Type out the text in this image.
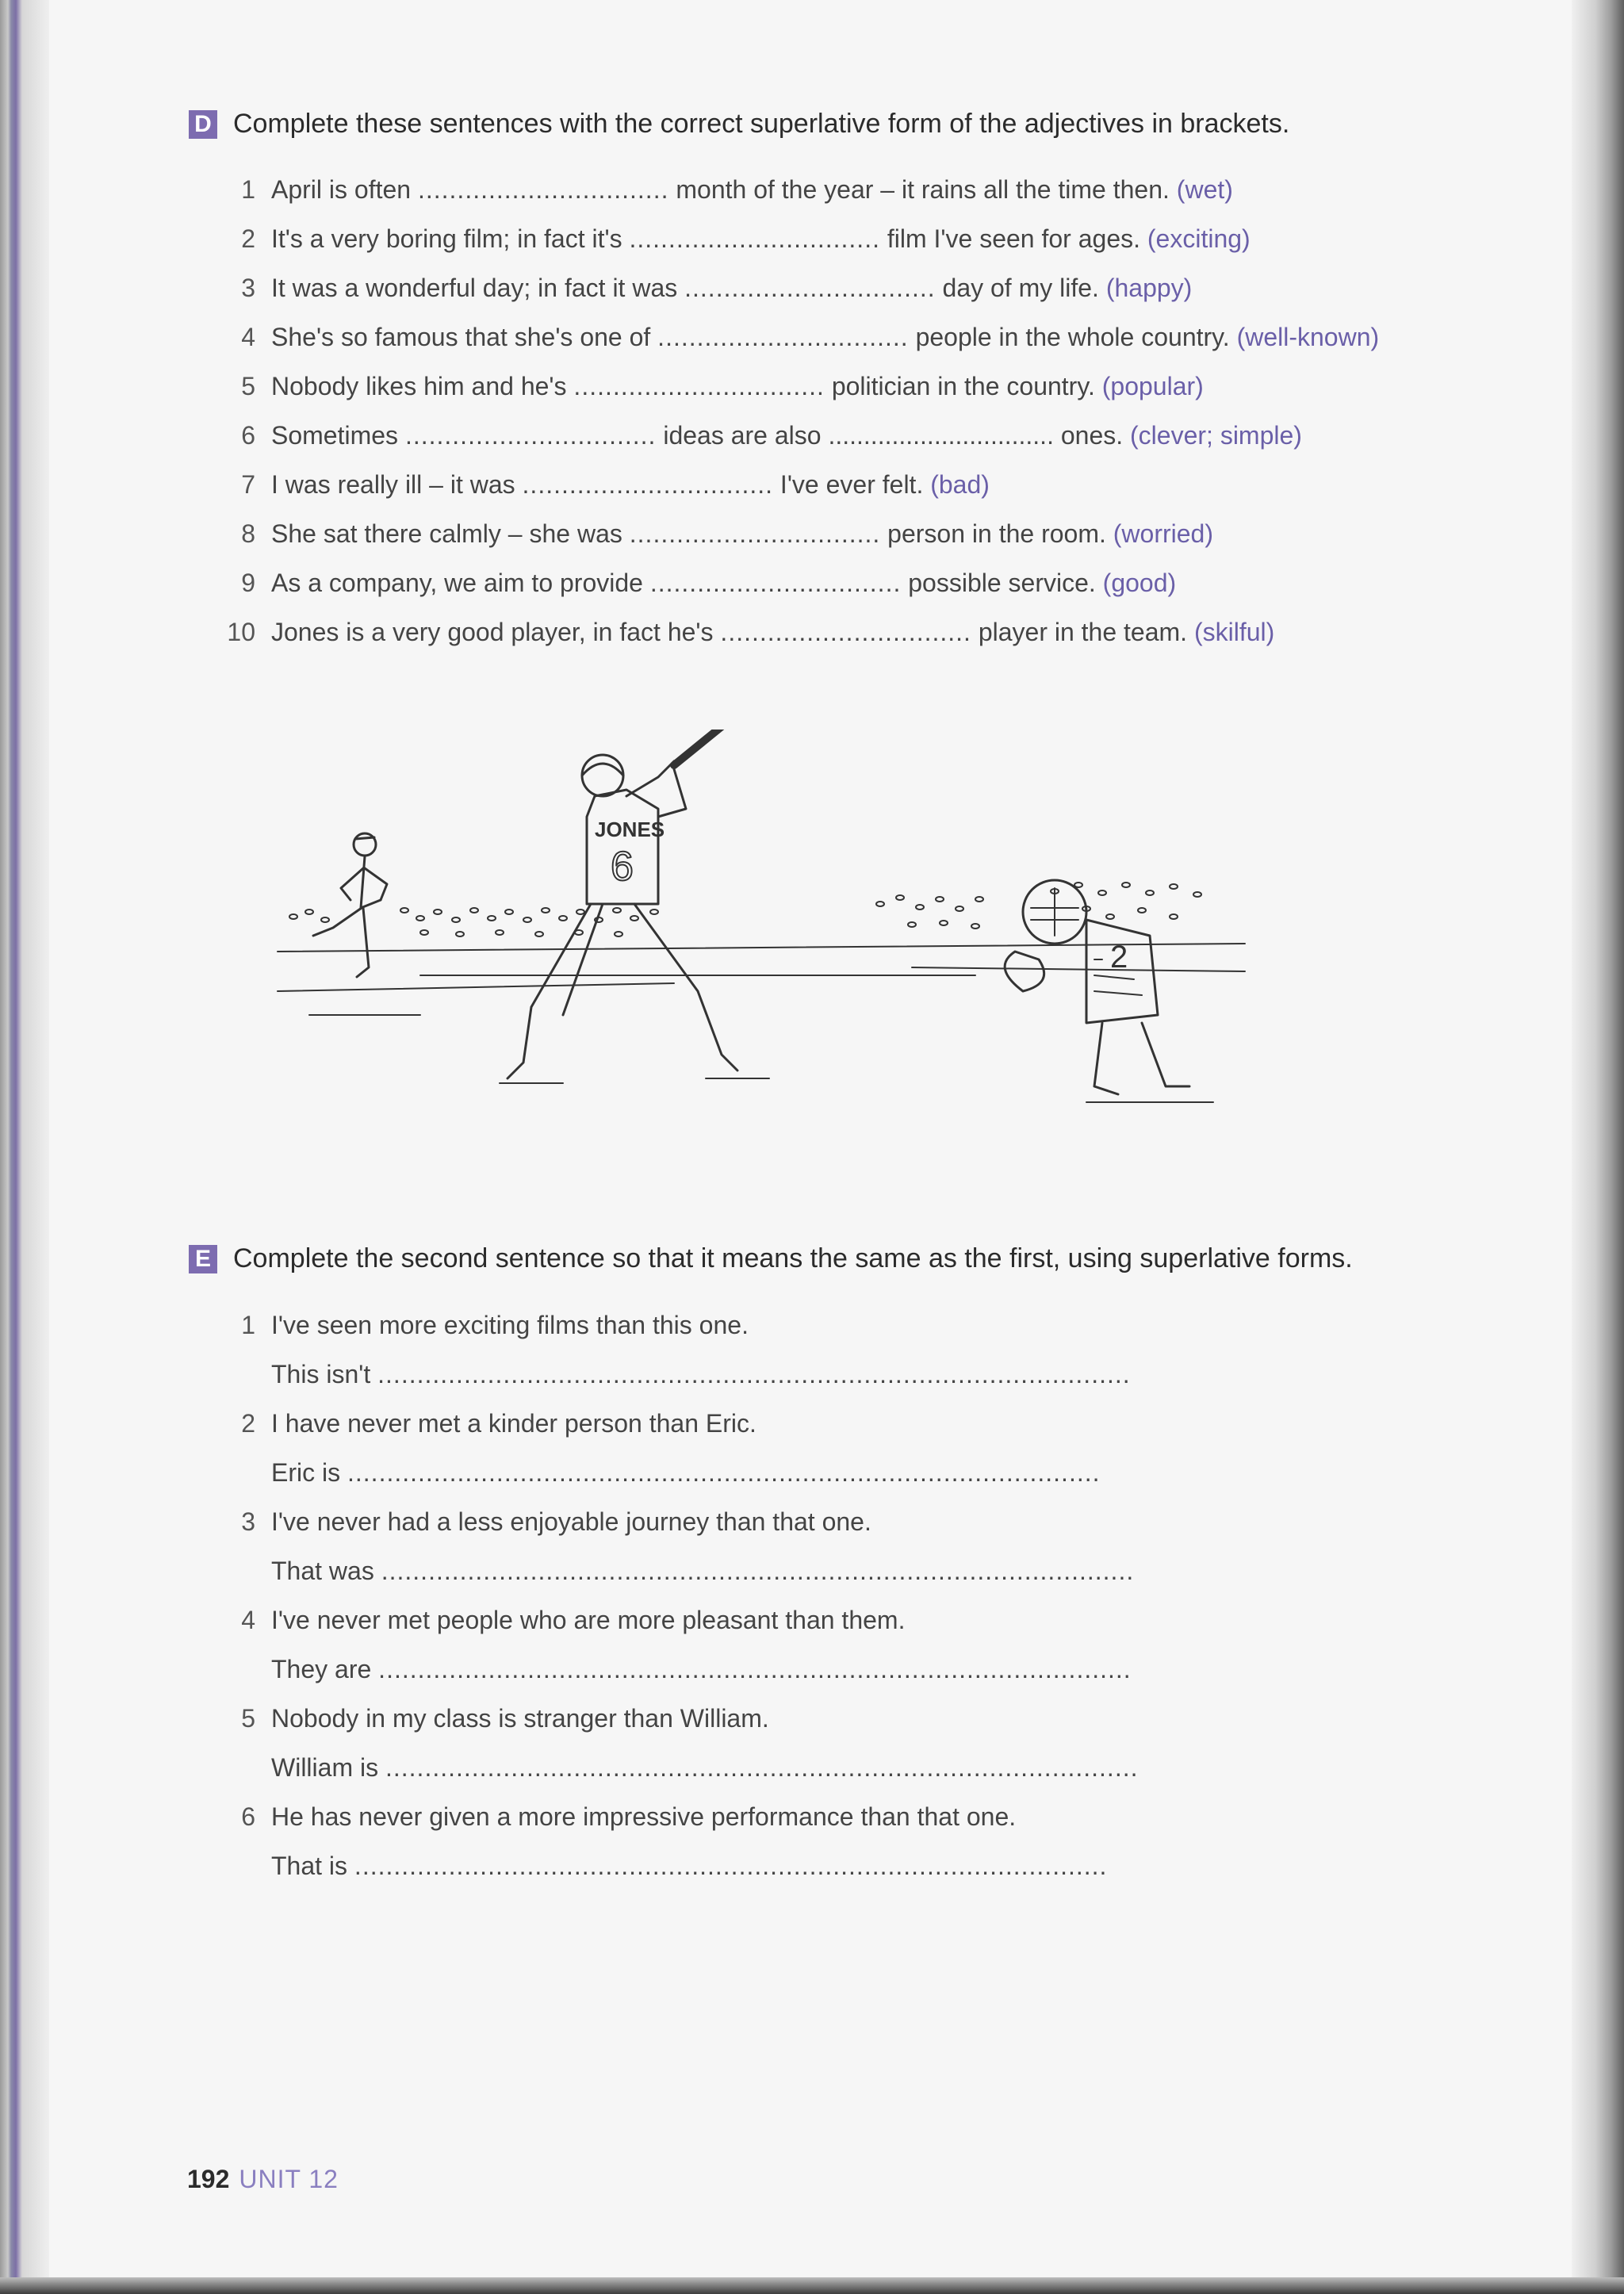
D Complete these sentences with the correct superlative form of the adjectives in brackets.
1 April is often ................................ month of the year – it rains all the time then. (wet)
2 It's a very boring film; in fact it's ................................ film I've seen for ages. (exciting)
3 It was a wonderful day; in fact it was ................................ day of my life. (happy)
4 She's so famous that she's one of ................................ people in the whole country. (well-known)
5 Nobody likes him and he's ................................ politician in the country. (popular)
6 Sometimes ................................ ideas are also ................................ ones. (clever; simple)
7 I was really ill – it was ................................ I've ever felt. (bad)
8 She sat there calmly – she was ................................ person in the room. (worried)
9 As a company, we aim to provide ................................ possible service. (good)
10 Jones is a very good player, in fact he's ................................ player in the team. (skilful)
JONES
6
2
E Complete the second sentence so that it means the same as the first, using superlative forms.
1 I've seen more exciting films than this one.
This isn't ................................................................................................
2 I have never met a kinder person than Eric.
Eric is ................................................................................................
3 I've never had a less enjoyable journey than that one.
That was ................................................................................................
4 I've never met people who are more pleasant than them.
They are ................................................................................................
5 Nobody in my class is stranger than William.
William is ................................................................................................
6 He has never given a more impressive performance than that one.
That is ................................................................................................
192 UNIT 12
